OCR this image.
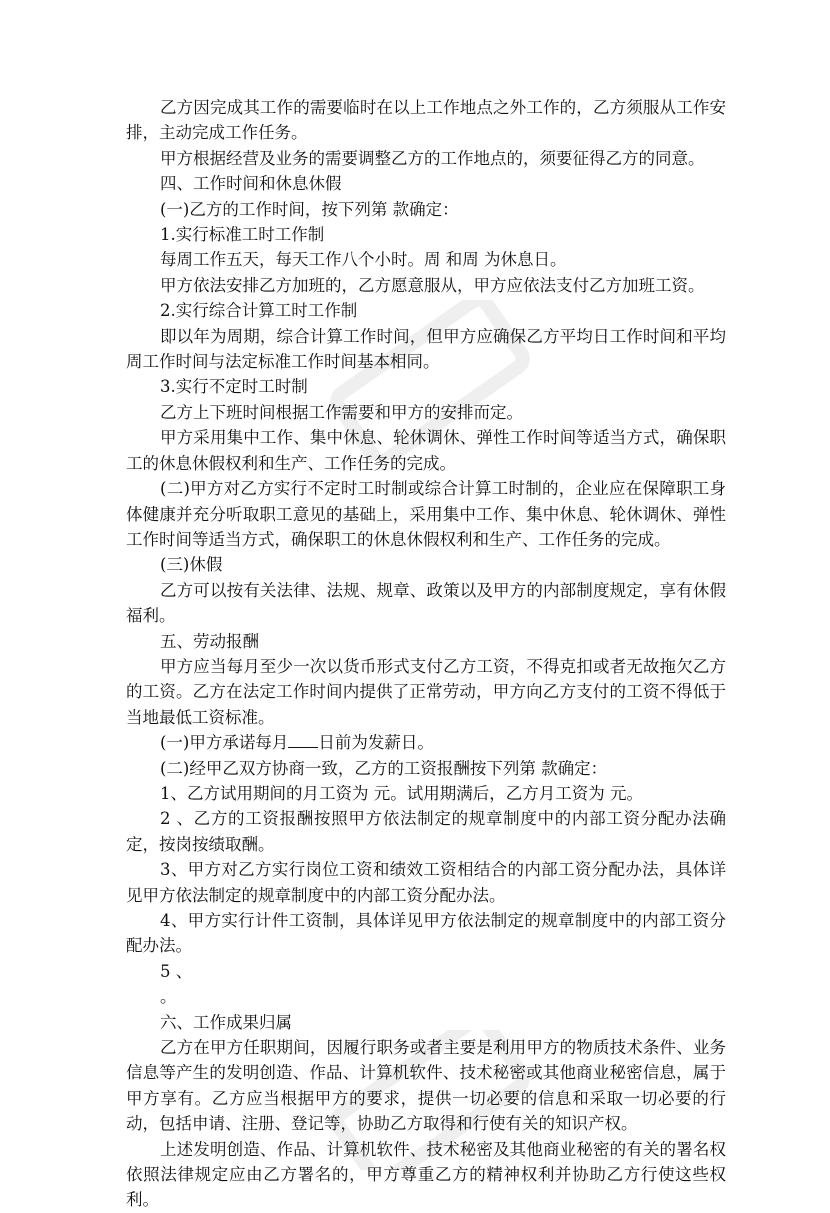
乙方因完成其工作的需要临时在以上工作地点之外工作的，乙方须服从工作安排，主动完成工作任务。

甲方根据经营及业务的需要调整乙方的工作地点的，须要征得乙方的同意。

四、工作时间和休息休假

(一)乙方的工作时间，按下列第 款确定：

1.实行标准工时工作制

每周工作五天，每天工作八个小时。周 和周 为休息日。

甲方依法安排乙方加班的，乙方愿意服从，甲方应依法支付乙方加班工资。

2.实行综合计算工时工作制

即以年为周期，综合计算工作时间，但甲方应确保乙方平均日工作时间和平均周工作时间与法定标准工作时间基本相同。

3.实行不定时工时制

乙方上下班时间根据工作需要和甲方的安排而定。

甲方采用集中工作、集中休息、轮休调休、弹性工作时间等适当方式，确保职工的休息休假权利和生产、工作任务的完成。

(二)甲方对乙方实行不定时工时制或综合计算工时制的，企业应在保障职工身体健康并充分听取职工意见的基础上，采用集中工作、集中休息、轮休调休、弹性工作时间等适当方式，确保职工的休息休假权利和生产、工作任务的完成。

(三)休假

乙方可以按有关法律、法规、规章、政策以及甲方的内部制度规定，享有休假福利。

五、劳动报酬

甲方应当每月至少一次以货币形式支付乙方工资，不得克扣或者无故拖欠乙方的工资。乙方在法定工作时间内提供了正常劳动，甲方向乙方支付的工资不得低于当地最低工资标准。

(一)甲方承诺每月 日前为发薪日。

(二)经甲乙双方协商一致，乙方的工资报酬按下列第 款确定：

1、乙方试用期间的月工资为 元。试用期满后，乙方月工资为 元。

2 、乙方的工资报酬按照甲方依法制定的规章制度中的内部工资分配办法确定，按岗按绩取酬。

3、甲方对乙方实行岗位工资和绩效工资相结合的内部工资分配办法，具体详见甲方依法制定的规章制度中的内部工资分配办法。

4、甲方实行计件工资制，具体详见甲方依法制定的规章制度中的内部工资分配办法。

5 、

。

六、工作成果归属

乙方在甲方任职期间，因履行职务或者主要是利用甲方的物质技术条件、业务信息等产生的发明创造、作品、计算机软件、技术秘密或其他商业秘密信息，属于甲方享有。乙方应当根据甲方的要求，提供一切必要的信息和采取一切必要的行动，包括申请、注册、登记等，协助乙方取得和行使有关的知识产权。

上述发明创造、作品、计算机软件、技术秘密及其他商业秘密的有关的署名权依照法律规定应由乙方署名的，甲方尊重乙方的精神权利并协助乙方行使这些权利。
